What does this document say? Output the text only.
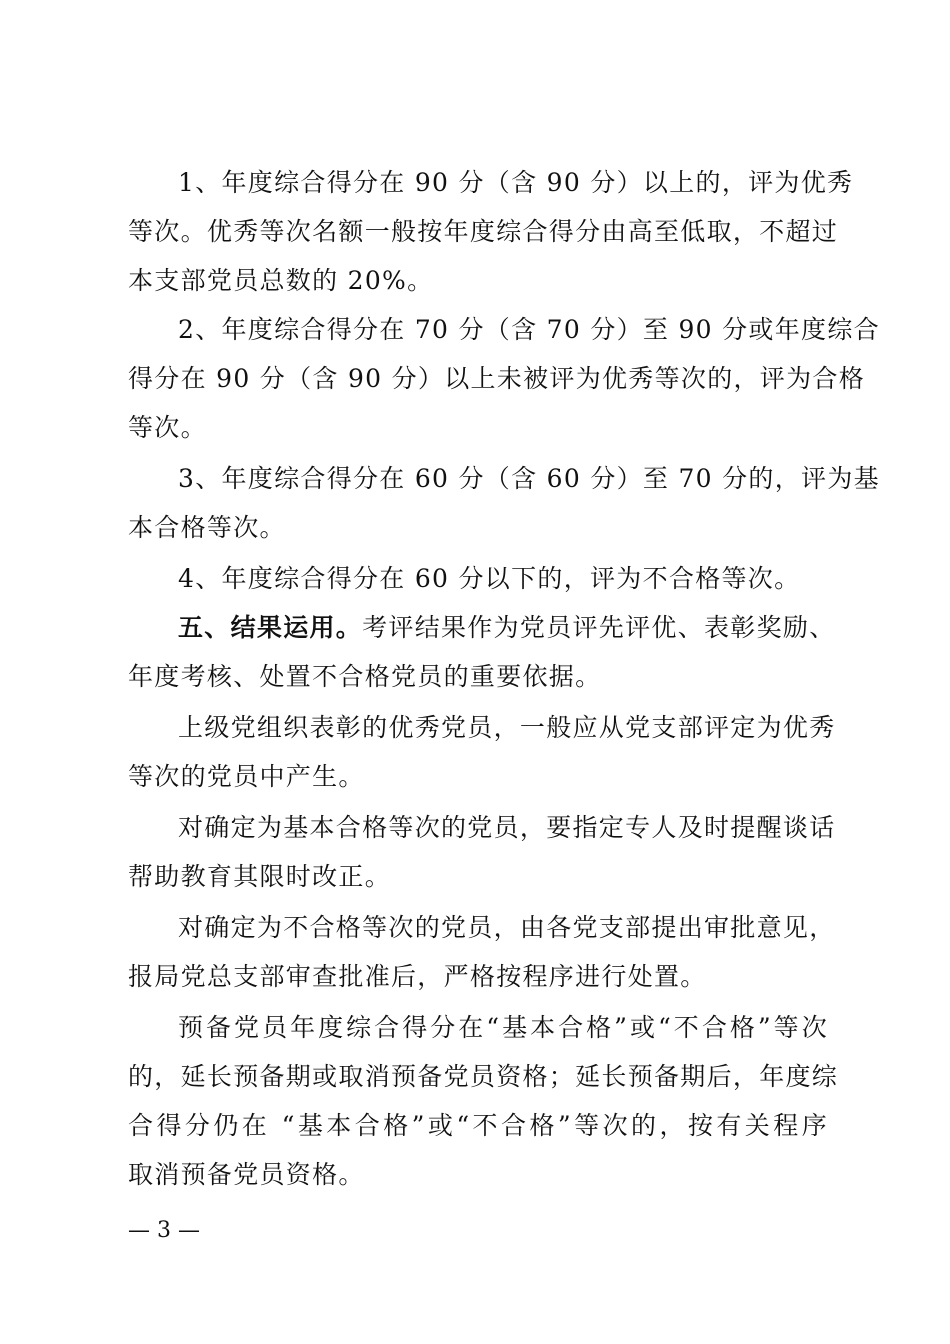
1、年度综合得分在 90 分（含 90 分）以上的，评为优秀
等次。优秀等次名额一般按年度综合得分由高至低取，不超过
本支部党员总数的 20%。
2、年度综合得分在 70 分（含 70 分）至 90 分或年度综合
得分在 90 分（含 90 分）以上未被评为优秀等次的，评为合格
等次。
3、年度综合得分在 60 分（含 60 分）至 70 分的，评为基
本合格等次。
4、年度综合得分在 60 分以下的，评为不合格等次。
五、结果运用。考评结果作为党员评先评优、表彰奖励、
年度考核、处置不合格党员的重要依据。
上级党组织表彰的优秀党员，一般应从党支部评定为优秀
等次的党员中产生。
对确定为基本合格等次的党员，要指定专人及时提醒谈话
帮助教育其限时改正。
对确定为不合格等次的党员，由各党支部提出审批意见，
报局党总支部审查批准后，严格按程序进行处置。
预备党员年度综合得分在“基本合格”或“不合格”等次
的，延长预备期或取消预备党员资格；延长预备期后，年度综
合得分仍在 “基本合格”或“不合格”等次的，按有关程序
取消预备党员资格。
— 3 —
